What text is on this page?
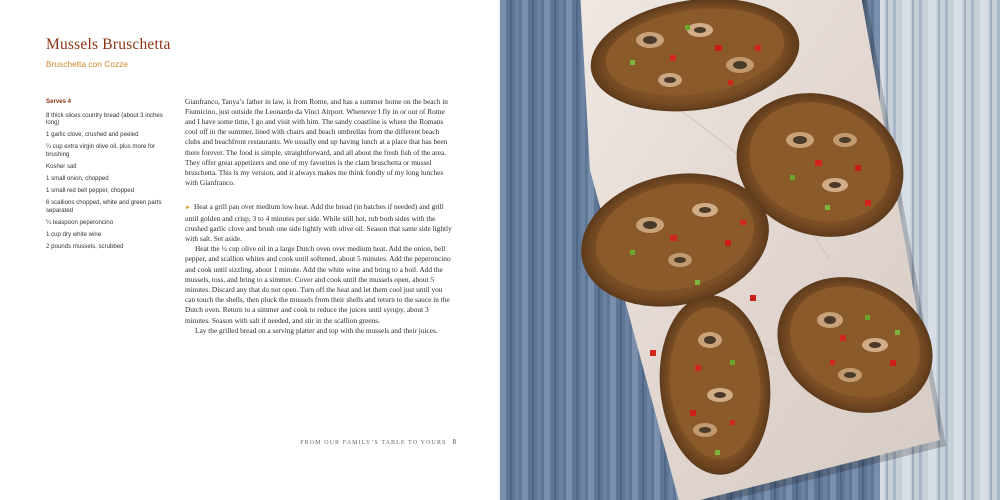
Mussels Bruschetta
Bruschetta con Cozze
Serves 4
8 thick slices country bread (about 3 inches long)
1 garlic clove, crushed and peeled
¼ cup extra virgin olive oil, plus more for brushing
Kosher salt
1 small onion, chopped
1 small red bell pepper, chopped
6 scallions chopped, white and green parts separated
¼ teaspoon peperoncino
1 cup dry white wine
2 pounds mussels, scrubbed

Gianfranco, Tanya’s father in law, is from Rome, and has a summer home on the beach in Fiumicino, just outside the Leonardo da Vinci Airport. Whenever I fly in or out of Rome and I have some time, I go and visit with him. The sandy coastline is where the Romans cool off in the summer, lined with chairs and beach umbrellas from the different beach clubs and beachfront restaurants. We usually end up having lunch at a place that has been there forever. The food is simple, straightforward, and all about the fresh fish of the area. They offer great appetizers and one of my favorites is the clam bruschetta or mussel bruschetta. This is my version, and it always makes me think fondly of my long lunches with Gianfranco.

► Heat a grill pan over medium low heat. Add the bread (in batches if needed) and grill until golden and crisp, 3 to 4 minutes per side. While still hot, rub both sides with the crushed garlic clove and brush one side lightly with olive oil. Season that same side lightly with salt. Set aside.

Heat the ¼ cup olive oil in a large Dutch oven over medium heat. Add the onion, bell pepper, and scallion whites and cook until softened, about 5 minutes. Add the peperoncino and cook until sizzling, about 1 minute. Add the white wine and bring to a boil. Add the mussels, toss, and bring to a simmer. Cover and cook until the mussels open, about 5 minutes. Discard any that do not open. Turn off the heat and let them cool just until you can touch the shells, then pluck the mussels from their shells and return to the sauce in the Dutch oven. Return to a simmer and cook to reduce the juices until syrupy, about 3 minutes. Season with salt if needed, and stir in the scallion greens.

Lay the grilled bread on a serving platter and top with the mussels and their juices.

FROM OUR FAMILY’S TABLE TO YOURS 8
